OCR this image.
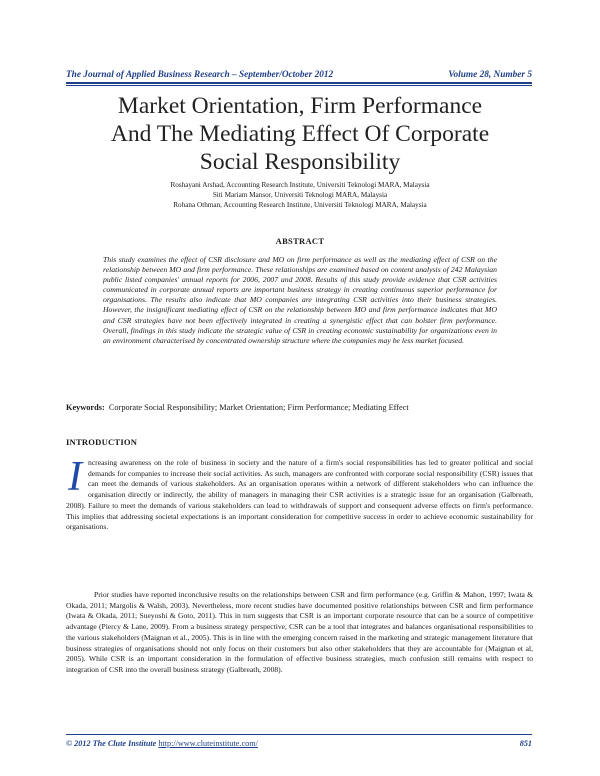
The Journal of Applied Business Research – September/October 2012	Volume 28, Number 5
Market Orientation, Firm Performance
And The Mediating Effect Of Corporate
Social Responsibility
Roshayani Arshad, Accounting Research Institute, Universiti Teknologi MARA, Malaysia
Siti Mariam Mansor, Universiti Teknologi MARA, Malaysia
Rohana Othman, Accounting Research Institute, Universiti Teknologi MARA, Malaysia
ABSTRACT

This study examines the effect of CSR disclosure and MO on firm performance as well as the mediating effect of CSR on the relationship between MO and firm performance. These relationships are examined based on content analysis of 242 Malaysian public listed companies' annual reports for 2006, 2007 and 2008. Results of this study provide evidence that CSR activities communicated in corporate annual reports are important business strategy in creating continuous superior performance for organisations. The results also indicate that MO companies are integrating CSR activities into their business strategies. However, the insignificant mediating effect of CSR on the relationship between MO and firm performance indicates that MO and CSR strategies have not been effectively integrated in creating a synergistic effect that can bolster firm performance. Overall, findings in this study indicate the strategic value of CSR in creating economic sustainability for organizations even in an environment characterised by concentrated ownership structure where the companies may be less market focused.

Keywords: Corporate Social Responsibility; Market Orientation; Firm Performance; Mediating Effect
INTRODUCTION

Increasing awareness on the role of business in society and the nature of a firm's social responsibilities has led to greater political and social demands for companies to increase their social activities. As such, managers are confronted with corporate social responsibility (CSR) issues that can meet the demands of various stakeholders. As an organisation operates within a network of different stakeholders who can influence the organisation directly or indirectly, the ability of managers in managing their CSR activities is a strategic issue for an organisation (Galbreath, 2008). Failure to meet the demands of various stakeholders can lead to withdrawals of support and consequent adverse effects on firm's performance. This implies that addressing societal expectations is an important consideration for competitive success in order to achieve economic sustainability for organisations.

Prior studies have reported inconclusive results on the relationships between CSR and firm performance (e.g. Griffin & Mahon, 1997; Iwata & Okada, 2011; Margolis & Walsh, 2003). Nevertheless, more recent studies have documented positive relationships between CSR and firm performance (Iwata & Okada, 2011; Sueyoshi & Goto, 2011). This in turn suggests that CSR is an important corporate resource that can be a source of competitive advantage (Piercy & Lane, 2009). From a business strategy perspective, CSR can be a tool that integrates and balances organisational responsibilities to the various stakeholders (Maignan et al., 2005). This is in line with the emerging concern raised in the marketing and strategic management literature that business strategies of organisations should not only focus on their customers but also other stakeholders that they are accountable for (Maignan et al, 2005). While CSR is an important consideration in the formulation of effective business strategies, much confusion still remains with respect to integration of CSR into the overall business strategy (Galbreath, 2008).

© 2012 The Clute Institute http://www.cluteinstitute.com/	851
